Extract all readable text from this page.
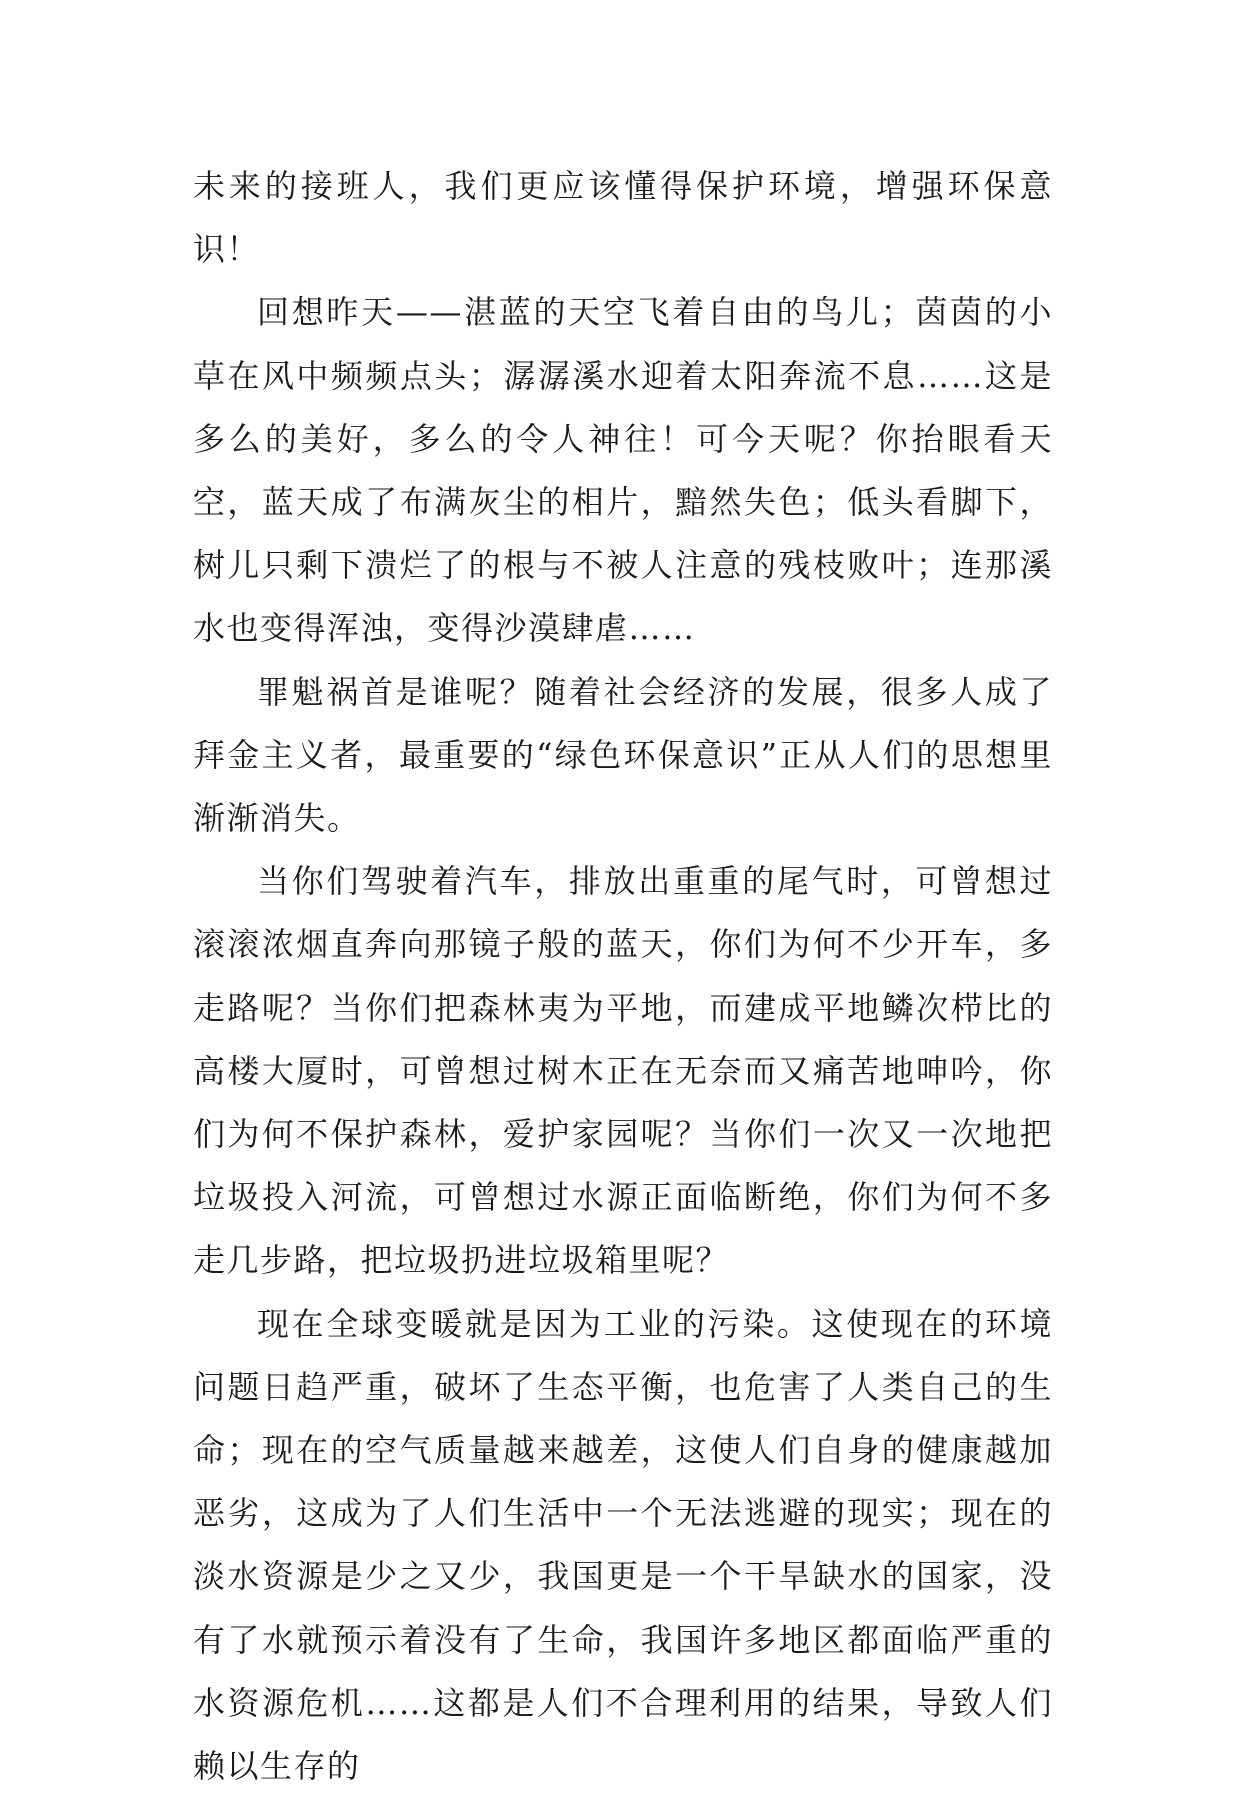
未来的接班人，我们更应该懂得保护环境，增强环保意识！

回想昨天——湛蓝的天空飞着自由的鸟儿；茵茵的小草在风中频频点头；潺潺溪水迎着太阳奔流不息……这是多么的美好，多么的令人神往！可今天呢？你抬眼看天空，蓝天成了布满灰尘的相片，黯然失色；低头看脚下，树儿只剩下溃烂了的根与不被人注意的残枝败叶；连那溪水也变得浑浊，变得沙漠肆虐……

罪魁祸首是谁呢？随着社会经济的发展，很多人成了拜金主义者，最重要的“绿色环保意识”正从人们的思想里渐渐消失。

当你们驾驶着汽车，排放出重重的尾气时，可曾想过滚滚浓烟直奔向那镜子般的蓝天，你们为何不少开车，多走路呢？当你们把森林夷为平地，而建成平地鳞次栉比的高楼大厦时，可曾想过树木正在无奈而又痛苦地呻吟，你们为何不保护森林，爱护家园呢？当你们一次又一次地把垃圾投入河流，可曾想过水源正面临断绝，你们为何不多走几步路，把垃圾扔进垃圾箱里呢？

现在全球变暖就是因为工业的污染。这使现在的环境问题日趋严重，破坏了生态平衡，也危害了人类自己的生命；现在的空气质量越来越差，这使人们自身的健康越加恶劣，这成为了人们生活中一个无法逃避的现实；现在的淡水资源是少之又少，我国更是一个干旱缺水的国家，没有了水就预示着没有了生命，我国许多地区都面临严重的水资源危机……这都是人们不合理利用的结果，导致人们赖以生存的
